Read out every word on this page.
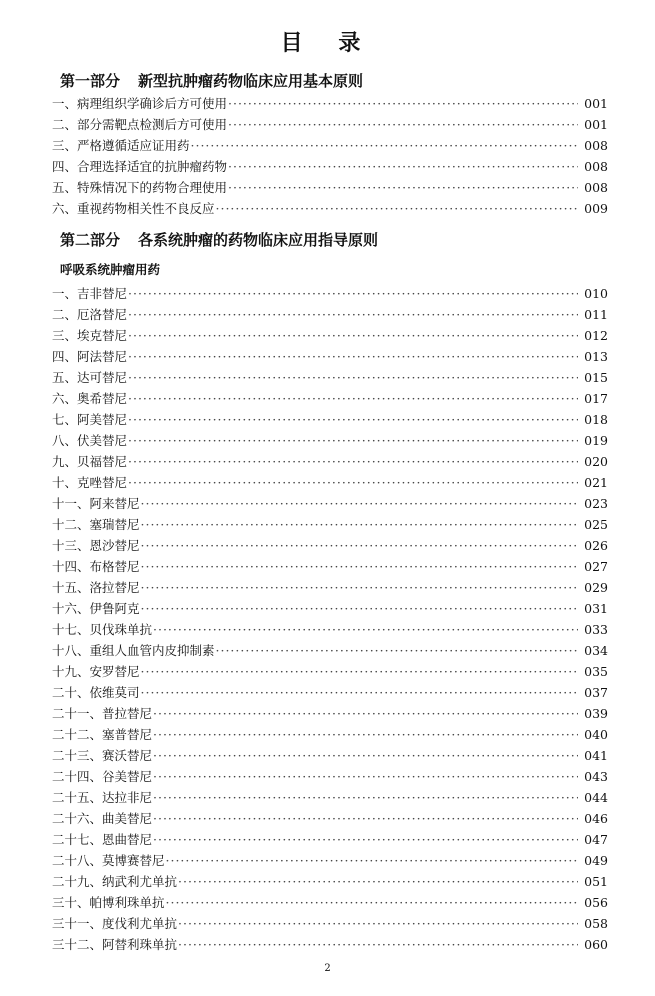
目 录
第一部分 新型抗肿瘤药物临床应用基本原则
一、病理组织学确诊后方可使用 ·····	001
二、部分需靶点检测后方可使用 ·····	001
三、严格遵循适应证用药 ·····	008
四、合理选择适宜的抗肿瘤药物 ·····	008
五、特殊情况下的药物合理使用 ·····	008
六、重视药物相关性不良反应 ·····	009
第二部分 各系统肿瘤的药物临床应用指导原则
呼吸系统肿瘤用药
一、吉非替尼 ·····	010
二、厄洛替尼 ·····	011
三、埃克替尼 ·····	012
四、阿法替尼 ·····	013
五、达可替尼 ·····	015
六、奥希替尼 ·····	017
七、阿美替尼 ·····	018
八、伏美替尼 ·····	019
九、贝福替尼 ·····	020
十、克唑替尼 ·····	021
十一、阿来替尼 ·····	023
十二、塞瑞替尼 ·····	025
十三、恩沙替尼 ·····	026
十四、布格替尼 ·····	027
十五、洛拉替尼 ·····	029
十六、伊鲁阿克 ·····	031
十七、贝伐珠单抗 ·····	033
十八、重组人血管内皮抑制素 ·····	034
十九、安罗替尼 ·····	035
二十、依维莫司 ·····	037
二十一、普拉替尼 ·····	039
二十二、塞普替尼 ·····	040
二十三、赛沃替尼 ·····	041
二十四、谷美替尼 ·····	043
二十五、达拉非尼 ·····	044
二十六、曲美替尼 ·····	046
二十七、恩曲替尼 ·····	047
二十八、莫博赛替尼 ·····	049
二十九、纳武利尤单抗 ·····	051
三十、帕博利珠单抗 ·····	056
三十一、度伐利尤单抗 ·····	058
三十二、阿替利珠单抗 ·····	060
2
